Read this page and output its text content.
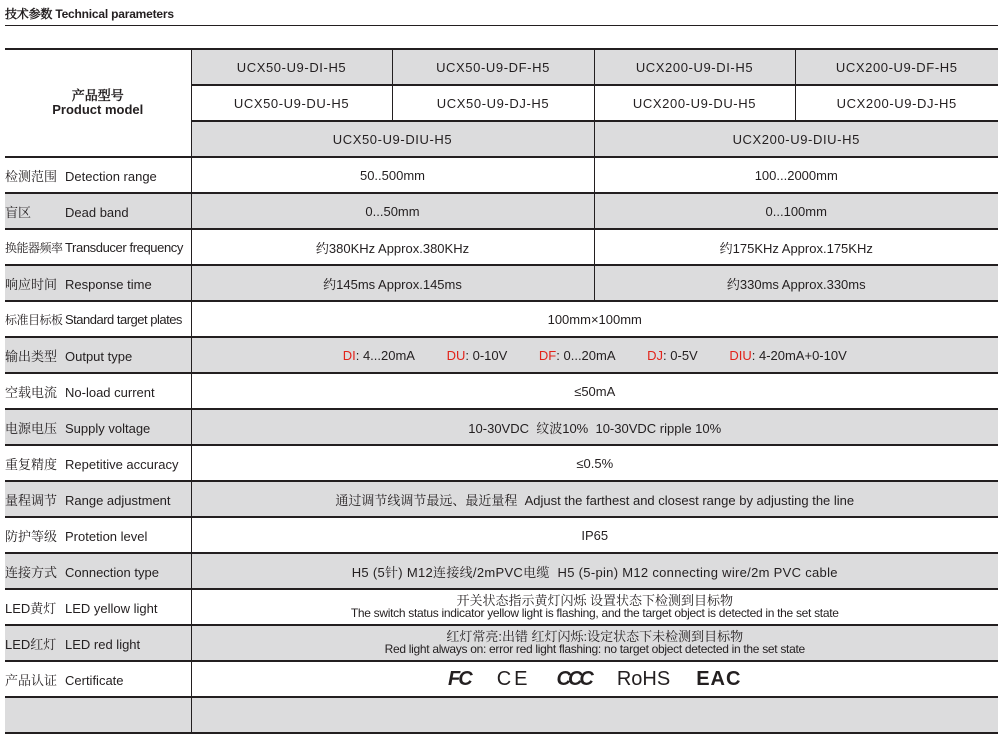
技术参数 Technical parameters
产品型号
Product model	UCX50-U9-DI-H5	UCX50-U9-DF-H5	UCX200-U9-DI-H5	UCX200-U9-DF-H5
	UCX50-U9-DU-H5	UCX50-U9-DJ-H5	UCX200-U9-DU-H5	UCX200-U9-DJ-H5
	UCX50-U9-DIU-H5		UCX200-U9-DIU-H5	
检测范围 Detection range	50..500mm		100...2000mm	
盲区 Dead band	0...50mm		0...100mm	
换能器频率 Transducer frequency	约380KHz Approx.380KHz		约175KHz Approx.175KHz	
响应时间 Response time	约145ms Approx.145ms		约330ms Approx.330ms	
标准目标板 Standard target plates	100mm×100mm			
输出类型 Output type	DI: 4...20mA DU: 0-10V DF: 0...20mA DJ: 0-5V DIU: 4-20mA+0-10V			
空载电流 No-load current	≤50mA			
电源电压 Supply voltage	10-30VDC  纹波10%  10-30VDC ripple 10%			
重复精度 Repetitive accuracy	≤0.5%			
量程调节 Range adjustment	通过调节线调节最远、最近量程  Adjust the farthest and closest range by adjusting the line			
防护等级 Protetion level	IP65			
连接方式 Connection type	H5 (5针) M12连接线/2mPVC电缆  H5 (5-pin) M12 connecting wire/2m PVC cable			
LED黄灯 LED yellow light	开关状态指示黄灯闪烁 设置状态下检测到目标物
The switch status indicator yellow light is flashing, and the target object is detected in the set state			

LED红灯 LED red light	红灯常亮:出错 红灯闪烁:设定状态下未检测到目标物
Red light always on: error red light flashing: no target object detected in the set state			

产品认证 Certificate	FC CE CCC RoHS EAC			
